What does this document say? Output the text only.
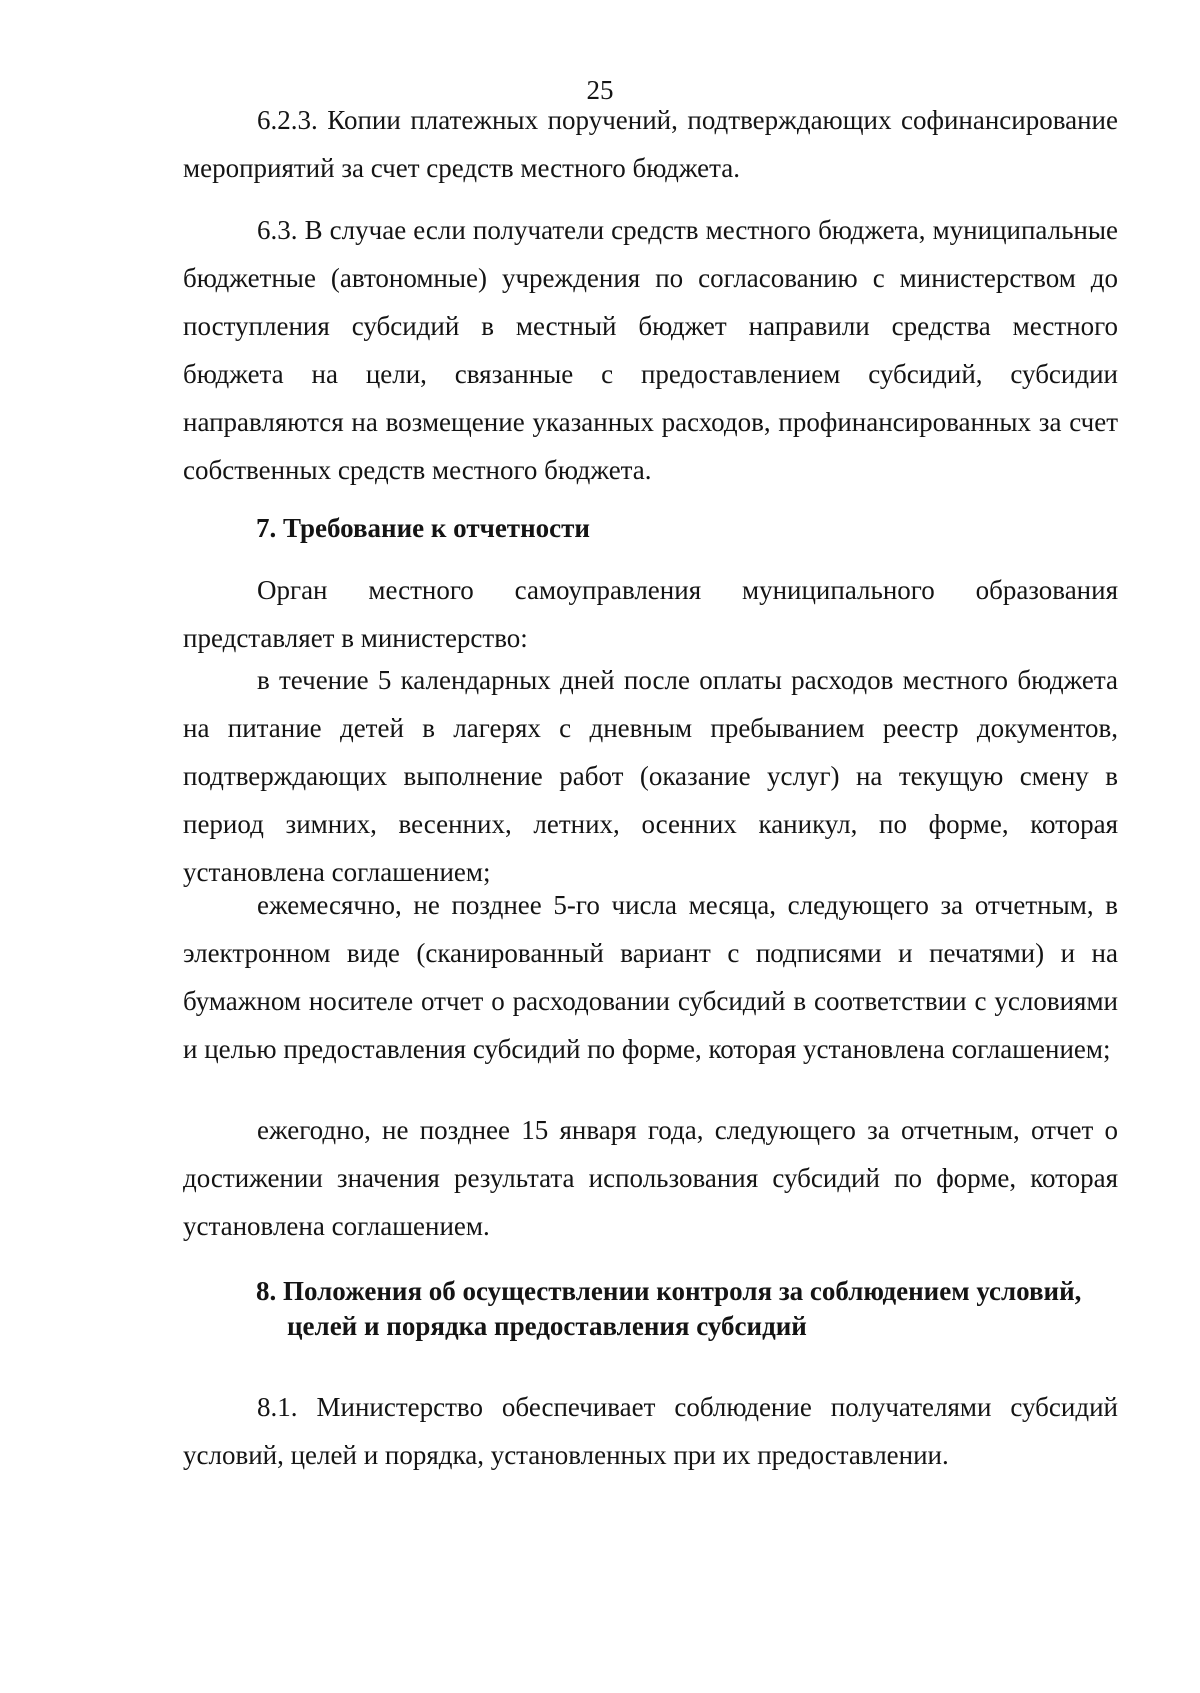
25

6.2.3. Копии платежных поручений, подтверждающих софинансирование мероприятий за счет средств местного бюджета.

6.3. В случае если получатели средств местного бюджета, муниципальные бюджетные (автономные) учреждения по согласованию с министерством до поступления субсидий в местный бюджет направили средства местного бюджета на цели, связанные с предоставлением субсидий, субсидии направляются на возмещение указанных расходов, профинансированных за счет собственных средств местного бюджета.

7. Требование к отчетности

Орган местного самоуправления муниципального образования представляет в министерство:

в течение 5 календарных дней после оплаты расходов местного бюджета на питание детей в лагерях с дневным пребыванием реестр документов, подтверждающих выполнение работ (оказание услуг) на текущую смену в период зимних, весенних, летних, осенних каникул, по форме, которая установлена соглашением;

ежемесячно, не позднее 5-го числа месяца, следующего за отчетным, в электронном виде (сканированный вариант с подписями и печатями) и на бумажном носителе отчет о расходовании субсидий в соответствии с условиями и целью предоставления субсидий по форме, которая установлена соглашением;

ежегодно, не позднее 15 января года, следующего за отчетным, отчет о достижении значения результата использования субсидий по форме, которая установлена соглашением.

8. Положения об осуществлении контроля за соблюдением условий,
целей и порядка предоставления субсидий

8.1. Министерство обеспечивает соблюдение получателями субсидий условий, целей и порядка, установленных при их предоставлении.
